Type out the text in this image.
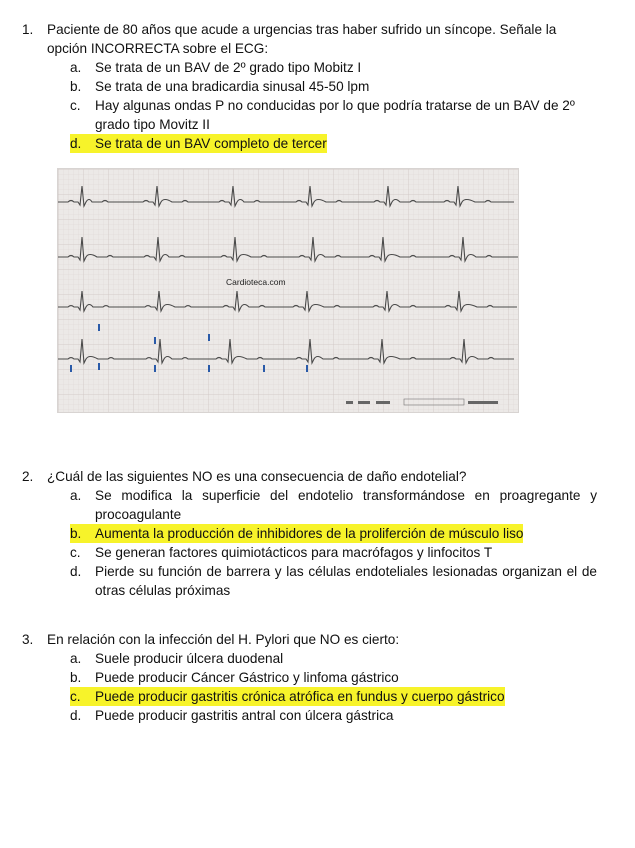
1.	Paciente de 80 años que acude a urgencias tras haber sufrido un síncope. Señale la opción INCORRECTA sobre el ECG:
a.	Se trata de un BAV de 2º grado tipo Mobitz I
b.	Se trata de una bradicardia sinusal 45-50 lpm
c.	Hay algunas ondas P no conducidas por lo que podría tratarse de un BAV de 2º grado tipo Movitz II
d.	Se trata de un BAV completo de tercer
Cardioteca.com
2.	¿Cuál de las siguientes NO es una consecuencia de daño endotelial?
a.	Se modifica la superficie del endotelio transformándose en proagregante y procoagulante
b.	Aumenta la producción de inhibidores de la proliferción de músculo liso
c.	Se generan factores quimiotácticos para macrófagos y linfocitos T
d.	Pierde su función de barrera y las células endoteliales lesionadas organizan el de otras células próximas
3.	En relación con la infección del H. Pylori que NO es cierto:
a.	Suele producir úlcera duodenal
b.	Puede producir Cáncer Gástrico y linfoma gástrico
c.	Puede producir gastritis crónica atrófica en fundus y cuerpo gástrico
d.	Puede producir gastritis antral con úlcera gástrica
